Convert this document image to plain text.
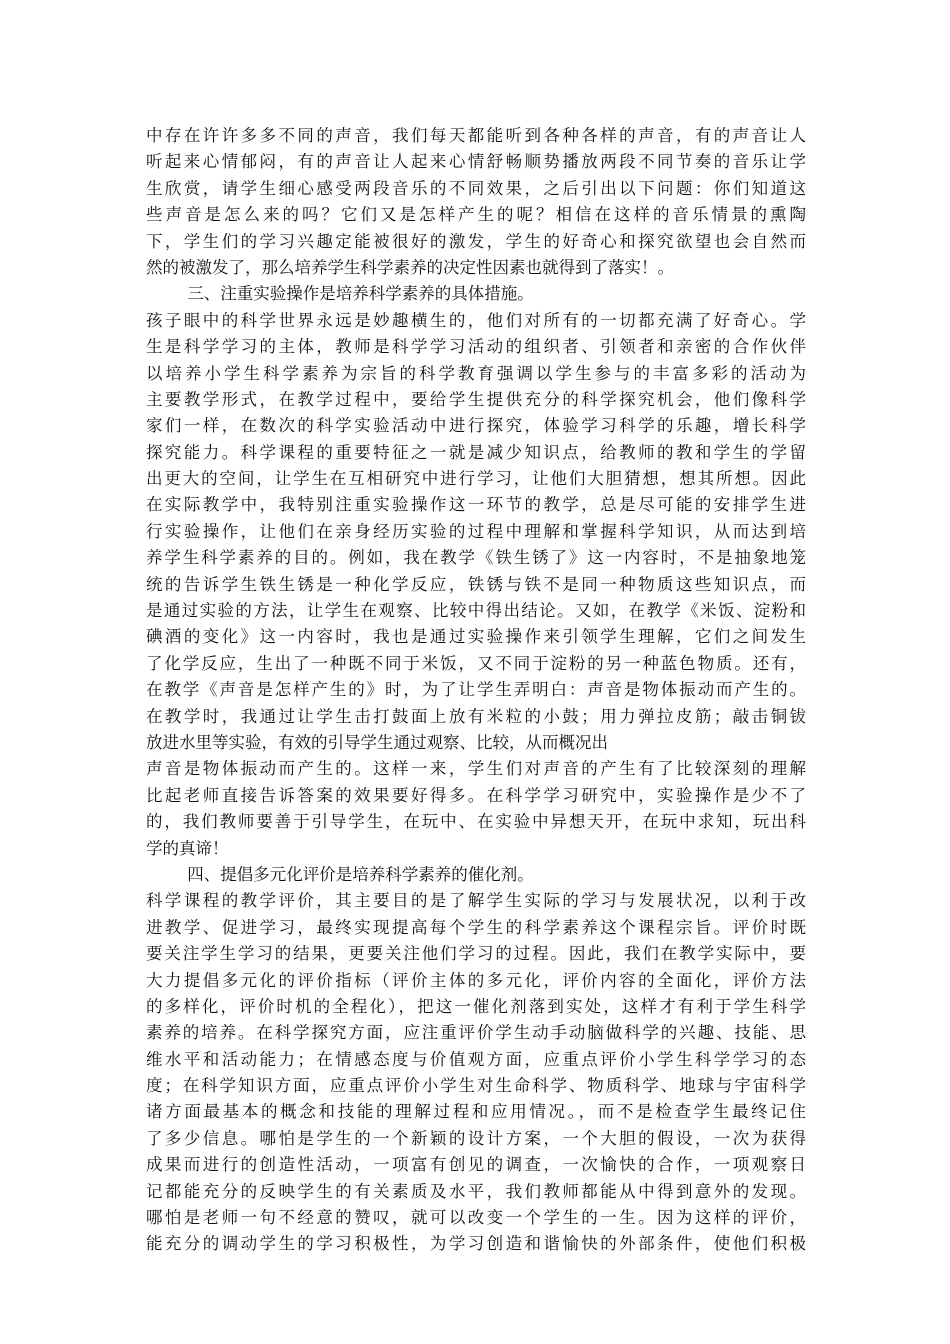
中存在许许多多不同的声音，我们每天都能听到各种各样的声音，有的声音让人
听起来心情郁闷，有的声音让人起来心情舒畅顺势播放两段不同节奏的音乐让学
生欣赏，请学生细心感受两段音乐的不同效果，之后引出以下问题：你们知道这
些声音是怎么来的吗？它们又是怎样产生的呢？相信在这样的音乐情景的熏陶
下，学生们的学习兴趣定能被很好的激发，学生的好奇心和探究欲望也会自然而
然的被激发了，那么培养学生科学素养的决定性因素也就得到了落实！。
三、注重实验操作是培养科学素养的具体措施。
孩子眼中的科学世界永远是妙趣横生的，他们对所有的一切都充满了好奇心。学
生是科学学习的主体，教师是科学学习活动的组织者、引领者和亲密的合作伙伴
以培养小学生科学素养为宗旨的科学教育强调以学生参与的丰富多彩的活动为
主要教学形式，在教学过程中，要给学生提供充分的科学探究机会，他们像科学
家们一样，在数次的科学实验活动中进行探究，体验学习科学的乐趣，增长科学
探究能力。科学课程的重要特征之一就是减少知识点，给教师的教和学生的学留
出更大的空间，让学生在互相研究中进行学习，让他们大胆猜想，想其所想。因此
在实际教学中，我特别注重实验操作这一环节的教学，总是尽可能的安排学生进
行实验操作，让他们在亲身经历实验的过程中理解和掌握科学知识，从而达到培
养学生科学素养的目的。例如，我在教学《铁生锈了》这一内容时，不是抽象地笼
统的告诉学生铁生锈是一种化学反应，铁锈与铁不是同一种物质这些知识点，而
是通过实验的方法，让学生在观察、比较中得出结论。又如，在教学《米饭、淀粉和
碘酒的变化》这一内容时，我也是通过实验操作来引领学生理解，它们之间发生
了化学反应，生出了一种既不同于米饭，又不同于淀粉的另一种蓝色物质。还有，
在教学《声音是怎样产生的》时，为了让学生弄明白：声音是物体振动而产生的。
在教学时，我通过让学生击打鼓面上放有米粒的小鼓；用力弹拉皮筋；敲击铜钹
放进水里等实验，有效的引导学生通过观察、比较，从而概况出
声音是物体振动而产生的。这样一来，学生们对声音的产生有了比较深刻的理解
比起老师直接告诉答案的效果要好得多。在科学学习研究中，实验操作是少不了
的，我们教师要善于引导学生，在玩中、在实验中异想天开，在玩中求知，玩出科
学的真谛！
四、提倡多元化评价是培养科学素养的催化剂。
科学课程的教学评价，其主要目的是了解学生实际的学习与发展状况，以利于改
进教学、促进学习，最终实现提高每个学生的科学素养这个课程宗旨。评价时既
要关注学生学习的结果，更要关注他们学习的过程。因此，我们在教学实际中，要
大力提倡多元化的评价指标（评价主体的多元化，评价内容的全面化，评价方法
的多样化，评价时机的全程化），把这一催化剂落到实处，这样才有利于学生科学
素养的培养。在科学探究方面，应注重评价学生动手动脑做科学的兴趣、技能、思
维水平和活动能力；在情感态度与价值观方面，应重点评价小学生科学学习的态
度；在科学知识方面，应重点评价小学生对生命科学、物质科学、地球与宇宙科学
诸方面最基本的概念和技能的理解过程和应用情况。，而不是检查学生最终记住
了多少信息。哪怕是学生的一个新颖的设计方案，一个大胆的假设，一次为获得
成果而进行的创造性活动，一项富有创见的调查，一次愉快的合作，一项观察日
记都能充分的反映学生的有关素质及水平，我们教师都能从中得到意外的发现。
哪怕是老师一句不经意的赞叹，就可以改变一个学生的一生。因为这样的评价，
能充分的调动学生的学习积极性，为学习创造和谐愉快的外部条件，使他们积极
